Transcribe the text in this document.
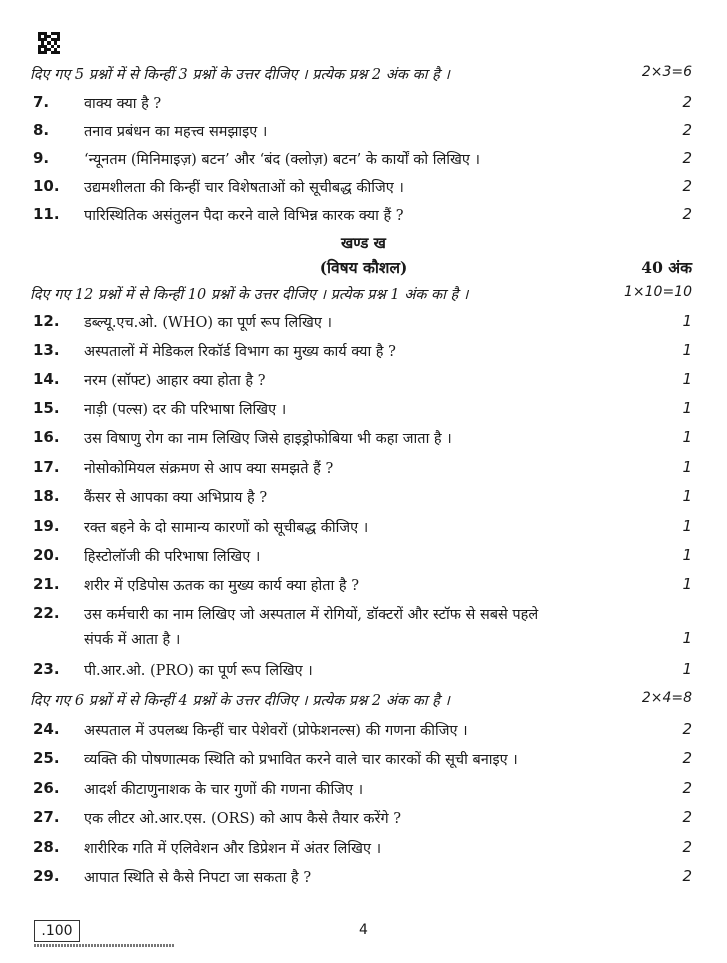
दिए गए 5 प्रश्नों में से किन्हीं 3 प्रश्नों के उत्तर दीजिए । प्रत्येक प्रश्न 2 अंक का है ।	2×3=6
7. वाक्य क्या है ?	2
8. तनाव प्रबंधन का महत्त्व समझाइए ।	2
9. ‘न्यूनतम (मिनिमाइज़) बटन’ और ‘बंद (क्लोज़) बटन’ के कार्यों को लिखिए ।	2
10. उद्यमशीलता की किन्हीं चार विशेषताओं को सूचीबद्ध कीजिए ।	2
11. पारिस्थितिक असंतुलन पैदा करने वाले विभिन्न कारक क्या हैं ?	2
खण्ड ख
(विषय कौशल)	40 अंक
दिए गए 12 प्रश्नों में से किन्हीं 10 प्रश्नों के उत्तर दीजिए । प्रत्येक प्रश्न 1 अंक का है ।	1×10=10
12. डब्ल्यू.एच.ओ. (WHO) का पूर्ण रूप लिखिए ।	1
13. अस्पतालों में मेडिकल रिकॉर्ड विभाग का मुख्य कार्य क्या है ?	1
14. नरम (सॉफ्ट) आहार क्या होता है ?	1
15. नाड़ी (पल्स) दर की परिभाषा लिखिए ।	1
16. उस विषाणु रोग का नाम लिखिए जिसे हाइड्रोफोबिया भी कहा जाता है ।	1
17. नोसोकोमियल संक्रमण से आप क्या समझते हैं ?	1
18. कैंसर से आपका क्या अभिप्राय है ?	1
19. रक्त बहने के दो सामान्य कारणों को सूचीबद्ध कीजिए ।	1
20. हिस्टोलॉजी की परिभाषा लिखिए ।	1
21. शरीर में एडिपोस ऊतक का मुख्य कार्य क्या होता है ?	1
22. उस कर्मचारी का नाम लिखिए जो अस्पताल में रोगियों, डॉक्टरों और स्टॉफ से सबसे पहले
संपर्क में आता है ।	1
23. पी.आर.ओ. (PRO) का पूर्ण रूप लिखिए ।	1
दिए गए 6 प्रश्नों में से किन्हीं 4 प्रश्नों के उत्तर दीजिए । प्रत्येक प्रश्न 2 अंक का है ।	2×4=8
24. अस्पताल में उपलब्ध किन्हीं चार पेशेवरों (प्रोफेशनल्स) की गणना कीजिए ।	2
25. व्यक्ति की पोषणात्मक स्थिति को प्रभावित करने वाले चार कारकों की सूची बनाइए ।	2
26. आदर्श कीटाणुनाशक के चार गुणों की गणना कीजिए ।	2
27. एक लीटर ओ.आर.एस. (ORS) को आप कैसे तैयार करेंगे ?	2
28. शारीरिक गति में एलिवेशन और डिप्रेशन में अंतर लिखिए ।	2
29. आपात स्थिति से कैसे निपटा जा सकता है ?	2
.100	4
